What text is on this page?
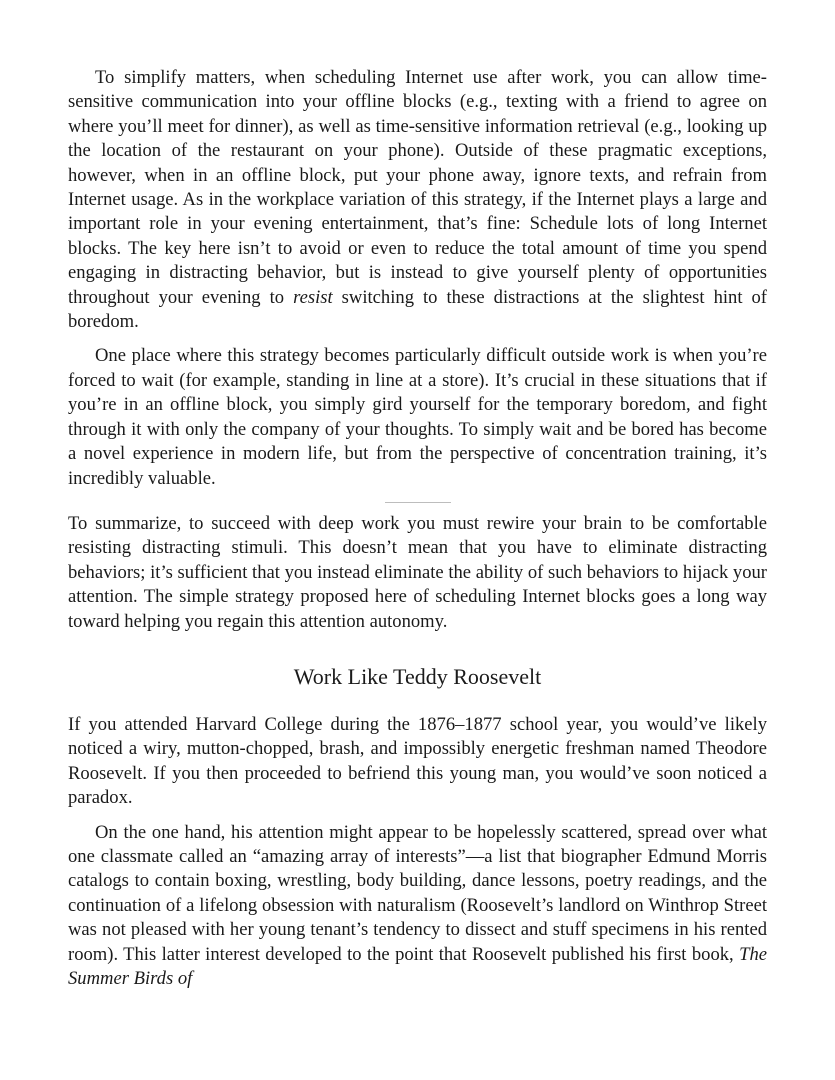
To simplify matters, when scheduling Internet use after work, you can allow time-sensitive communication into your offline blocks (e.g., texting with a friend to agree on where you’ll meet for dinner), as well as time-sensitive information retrieval (e.g., looking up the location of the restaurant on your phone). Outside of these pragmatic exceptions, however, when in an offline block, put your phone away, ignore texts, and refrain from Internet usage. As in the workplace variation of this strategy, if the Internet plays a large and important role in your evening entertainment, that’s fine: Schedule lots of long Internet blocks. The key here isn’t to avoid or even to reduce the total amount of time you spend engaging in distracting behavior, but is instead to give yourself plenty of opportunities throughout your evening to resist switching to these distractions at the slightest hint of boredom.

One place where this strategy becomes particularly difficult outside work is when you’re forced to wait (for example, standing in line at a store). It’s crucial in these situations that if you’re in an offline block, you simply gird yourself for the temporary boredom, and fight through it with only the company of your thoughts. To simply wait and be bored has become a novel experience in modern life, but from the perspective of concentration training, it’s incredibly valuable.

To summarize, to succeed with deep work you must rewire your brain to be comfortable resisting distracting stimuli. This doesn’t mean that you have to eliminate distracting behaviors; it’s sufficient that you instead eliminate the ability of such behaviors to hijack your attention. The simple strategy proposed here of scheduling Internet blocks goes a long way toward helping you regain this attention autonomy.

Work Like Teddy Roosevelt

If you attended Harvard College during the 1876–1877 school year, you would’ve likely noticed a wiry, mutton-chopped, brash, and impossibly energetic freshman named Theodore Roosevelt. If you then proceeded to befriend this young man, you would’ve soon noticed a paradox.

On the one hand, his attention might appear to be hopelessly scattered, spread over what one classmate called an “amazing array of interests”—a list that biographer Edmund Morris catalogs to contain boxing, wrestling, body building, dance lessons, poetry readings, and the continuation of a lifelong obsession with naturalism (Roosevelt’s landlord on Winthrop Street was not pleased with her young tenant’s tendency to dissect and stuff specimens in his rented room). This latter interest developed to the point that Roosevelt published his first book, The Summer Birds of
